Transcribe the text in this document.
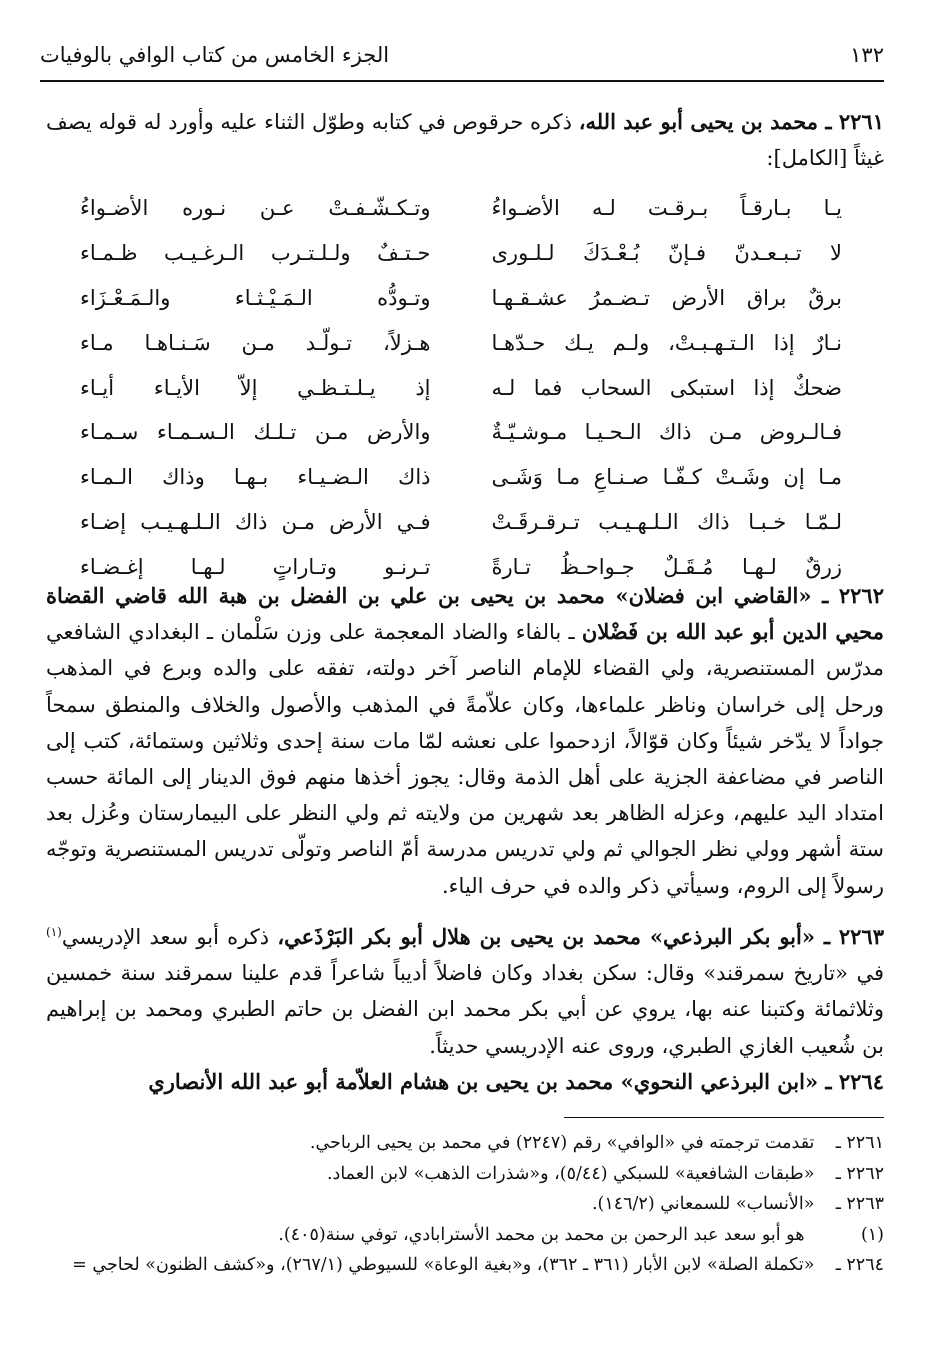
١٣٢
الجزء الخامس من كتاب الوافي بالوفيات
٢٢٦١ ـ محمد بن يحيى أبو عبد الله، ذكره حرقوص في كتابه وطوّل الثناء عليه وأورد له قوله يصف غيثاً [الكامل]:
يـا بـارقـاً بـرقـت لـه الأضـواءُ
وتـكـشّـفـتْ عـن نـوره الأضـواءُ
لا تـبـعـدنّ فـإنّ بُـعْـدَكَ لـلـورى
حـتـفٌ ولـلـتـرب الـرغـيـب ظـمـاء
برقٌ براق الأرض تـضـمرُ عشـقـهـا
وتـودُّه الـمَـيْـثـاء والـمَـعْـزَاء
نـارٌ إذا الـتـهـبـتْ، ولـم يـك حـدّهـا
هـزلاً، تـولّـد مـن سَـنـاهـا مـاء
ضحكٌ إذا استبكى السحاب فما لـه
إذ يـلـتـظـي إلاّ الأيـاء أيـاء
فـالـروض مـن ذاك الـحـيـا مـوشـيّـةٌ
والأرض مـن تـلـك الـسـمـاء سـمـاء
مـا إن وشَـتْ كـفّـا صـنـاعِ مـا وَشَـى
ذاك الـضـيـاء بـهـا وذاك الـمـاء
لـمّـا خـبـا ذاك الـلـهـيـب تـرقـرقَـتْ
فـي الأرض مـن ذاك الـلـهـيـب إضـاء
زرقٌ لـهـا مُـقَـلٌ جـواحـظُ تـارةً
تـرنـو وتـاراتٍ لـهـا إغـضـاء
٢٢٦٢ ـ «القاضي ابن فضلان» محمد بن يحيى بن علي بن الفضل بن هبة الله قاضي القضاة محيي الدين أبو عبد الله بن فَضْلان ـ بالفاء والضاد المعجمة على وزن سَلْمان ـ البغدادي الشافعي مدرّس المستنصرية، ولي القضاء للإمام الناصر آخر دولته، تفقه على والده وبرع في المذهب ورحل إلى خراسان وناظر علماءها، وكان علاّمةً في المذهب والأصول والخلاف والمنطق سمحاً جواداً لا يدّخر شيئاً وكان قوّالاً، ازدحموا على نعشه لمّا مات سنة إحدى وثلاثين وستمائة، كتب إلى الناصر في مضاعفة الجزية على أهل الذمة وقال: يجوز أخذها منهم فوق الدينار إلى المائة حسب امتداد اليد عليهم، وعزله الظاهر بعد شهرين من ولايته ثم ولي النظر على البيمارستان وعُزل بعد ستة أشهر وولي نظر الجوالي ثم ولي تدريس مدرسة أمّ الناصر وتولّى تدريس المستنصرية وتوجّه رسولاً إلى الروم، وسيأتي ذكر والده في حرف الياء.
٢٢٦٣ ـ «أبو بكر البرذعي» محمد بن يحيى بن هلال أبو بكر البَرْذَعي، ذكره أبو سعد الإدريسي$^{(١)}$ في «تاريخ سمرقند» وقال: سكن بغداد وكان فاضلاً أديباً شاعراً قدم علينا سمرقند سنة خمسين وثلاثمائة وكتبنا عنه بها، يروي عن أبي بكر محمد ابن الفضل بن حاتم الطبري ومحمد بن إبراهيم بن شُعيب الغازي الطبري، وروى عنه الإدريسي حديثاً.
٢٢٦٤ ـ «ابن البرذعي النحوي» محمد بن يحيى بن هشام العلاّمة أبو عبد الله الأنصاري
٢٢٦١ ـ تقدمت ترجمته في «الوافي» رقم (٢٢٤٧) في محمد بن يحيى الرباحي.
٢٢٦٢ ـ «طبقات الشافعية» للسبكي (٥/٤٤)، و«شذرات الذهب» لابن العماد.
٢٢٦٣ ـ «الأنساب» للسمعاني (١٤٦/٢).
(١) هو أبو سعد عبد الرحمن بن محمد بن محمد الأسترابادي، توفي سنة(٤٠٥).
٢٢٦٤ ـ «تكملة الصلة» لابن الأبار (٣٦١ ـ ٣٦٢)، و«بغية الوعاة» للسيوطي (٢٦٧/١)، و«كشف الظنون» لحاجي =
